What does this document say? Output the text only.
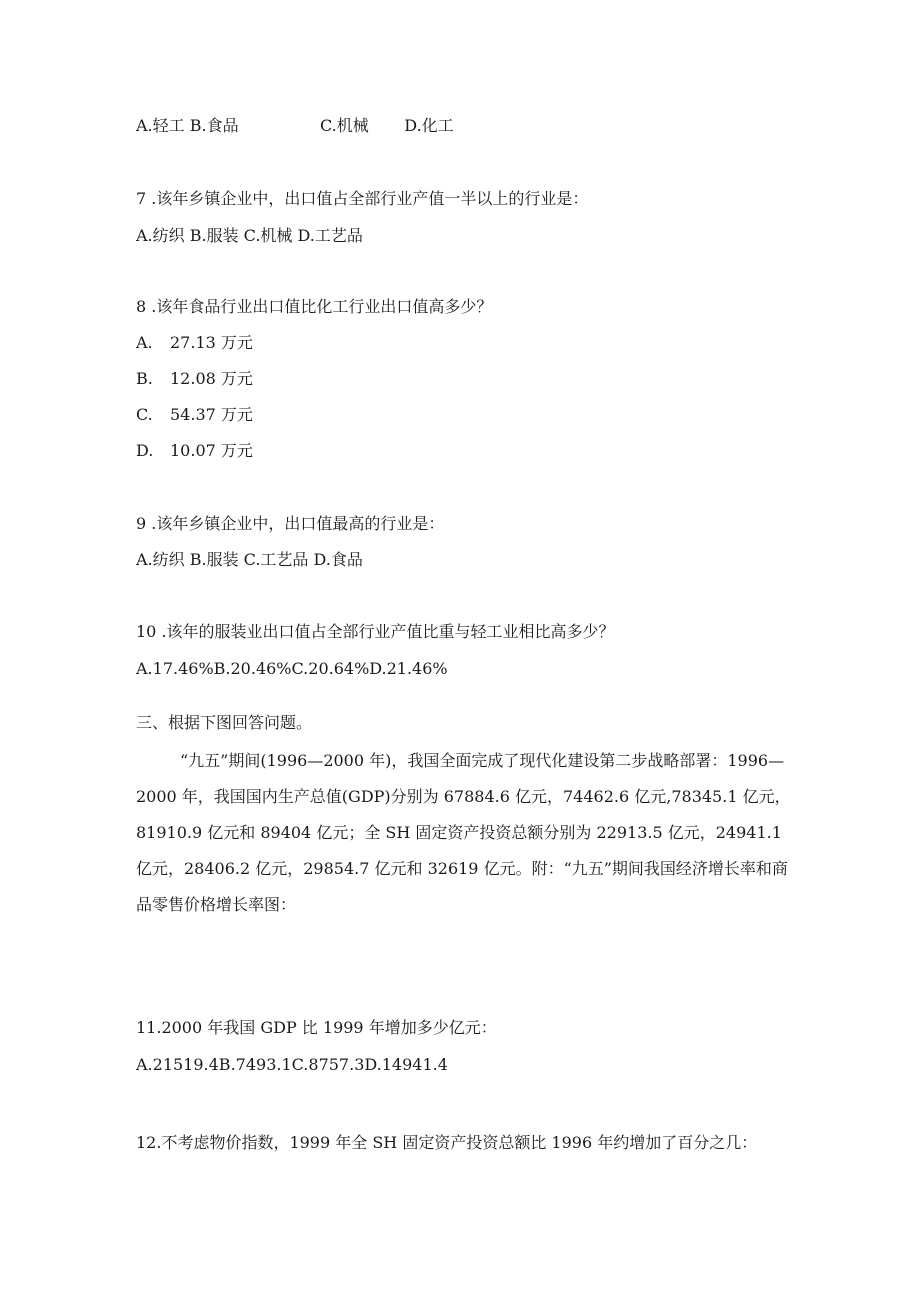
A.轻工 B.食品                C.机械       D.化工
7 .该年乡镇企业中，出口值占全部行业产值一半以上的行业是：
A.纺织 B.服装 C.机械 D.工艺品
8 .该年食品行业出口值比化工行业出口值高多少？
A. 27.13 万元
B. 12.08 万元
C. 54.37 万元
D. 10.07 万元
9 .该年乡镇企业中，出口值最高的行业是：
A.纺织 B.服装 C.工艺品 D.食品
10 .该年的服装业出口值占全部行业产值比重与轻工业相比高多少？
A.17.46%B.20.46%C.20.64%D.21.46%
三、根据下图回答问题。
“九五”期间(1996—2000 年)，我国全面完成了现代化建设第二步战略部署：1996—2000 年，我国国内生产总值(GDP)分别为 67884.6 亿元，74462.6 亿元,78345.1 亿元，81910.9 亿元和 89404 亿元；全 SH 固定资产投资总额分别为 22913.5 亿元，24941.1 亿元，28406.2 亿元，29854.7 亿元和 32619 亿元。附：“九五”期间我国经济增长率和商品零售价格增长率图：
11.2000 年我国 GDP 比 1999 年增加多少亿元：
A.21519.4B.7493.1C.8757.3D.14941.4
12.不考虑物价指数，1999 年全 SH 固定资产投资总额比 1996 年约增加了百分之几：
